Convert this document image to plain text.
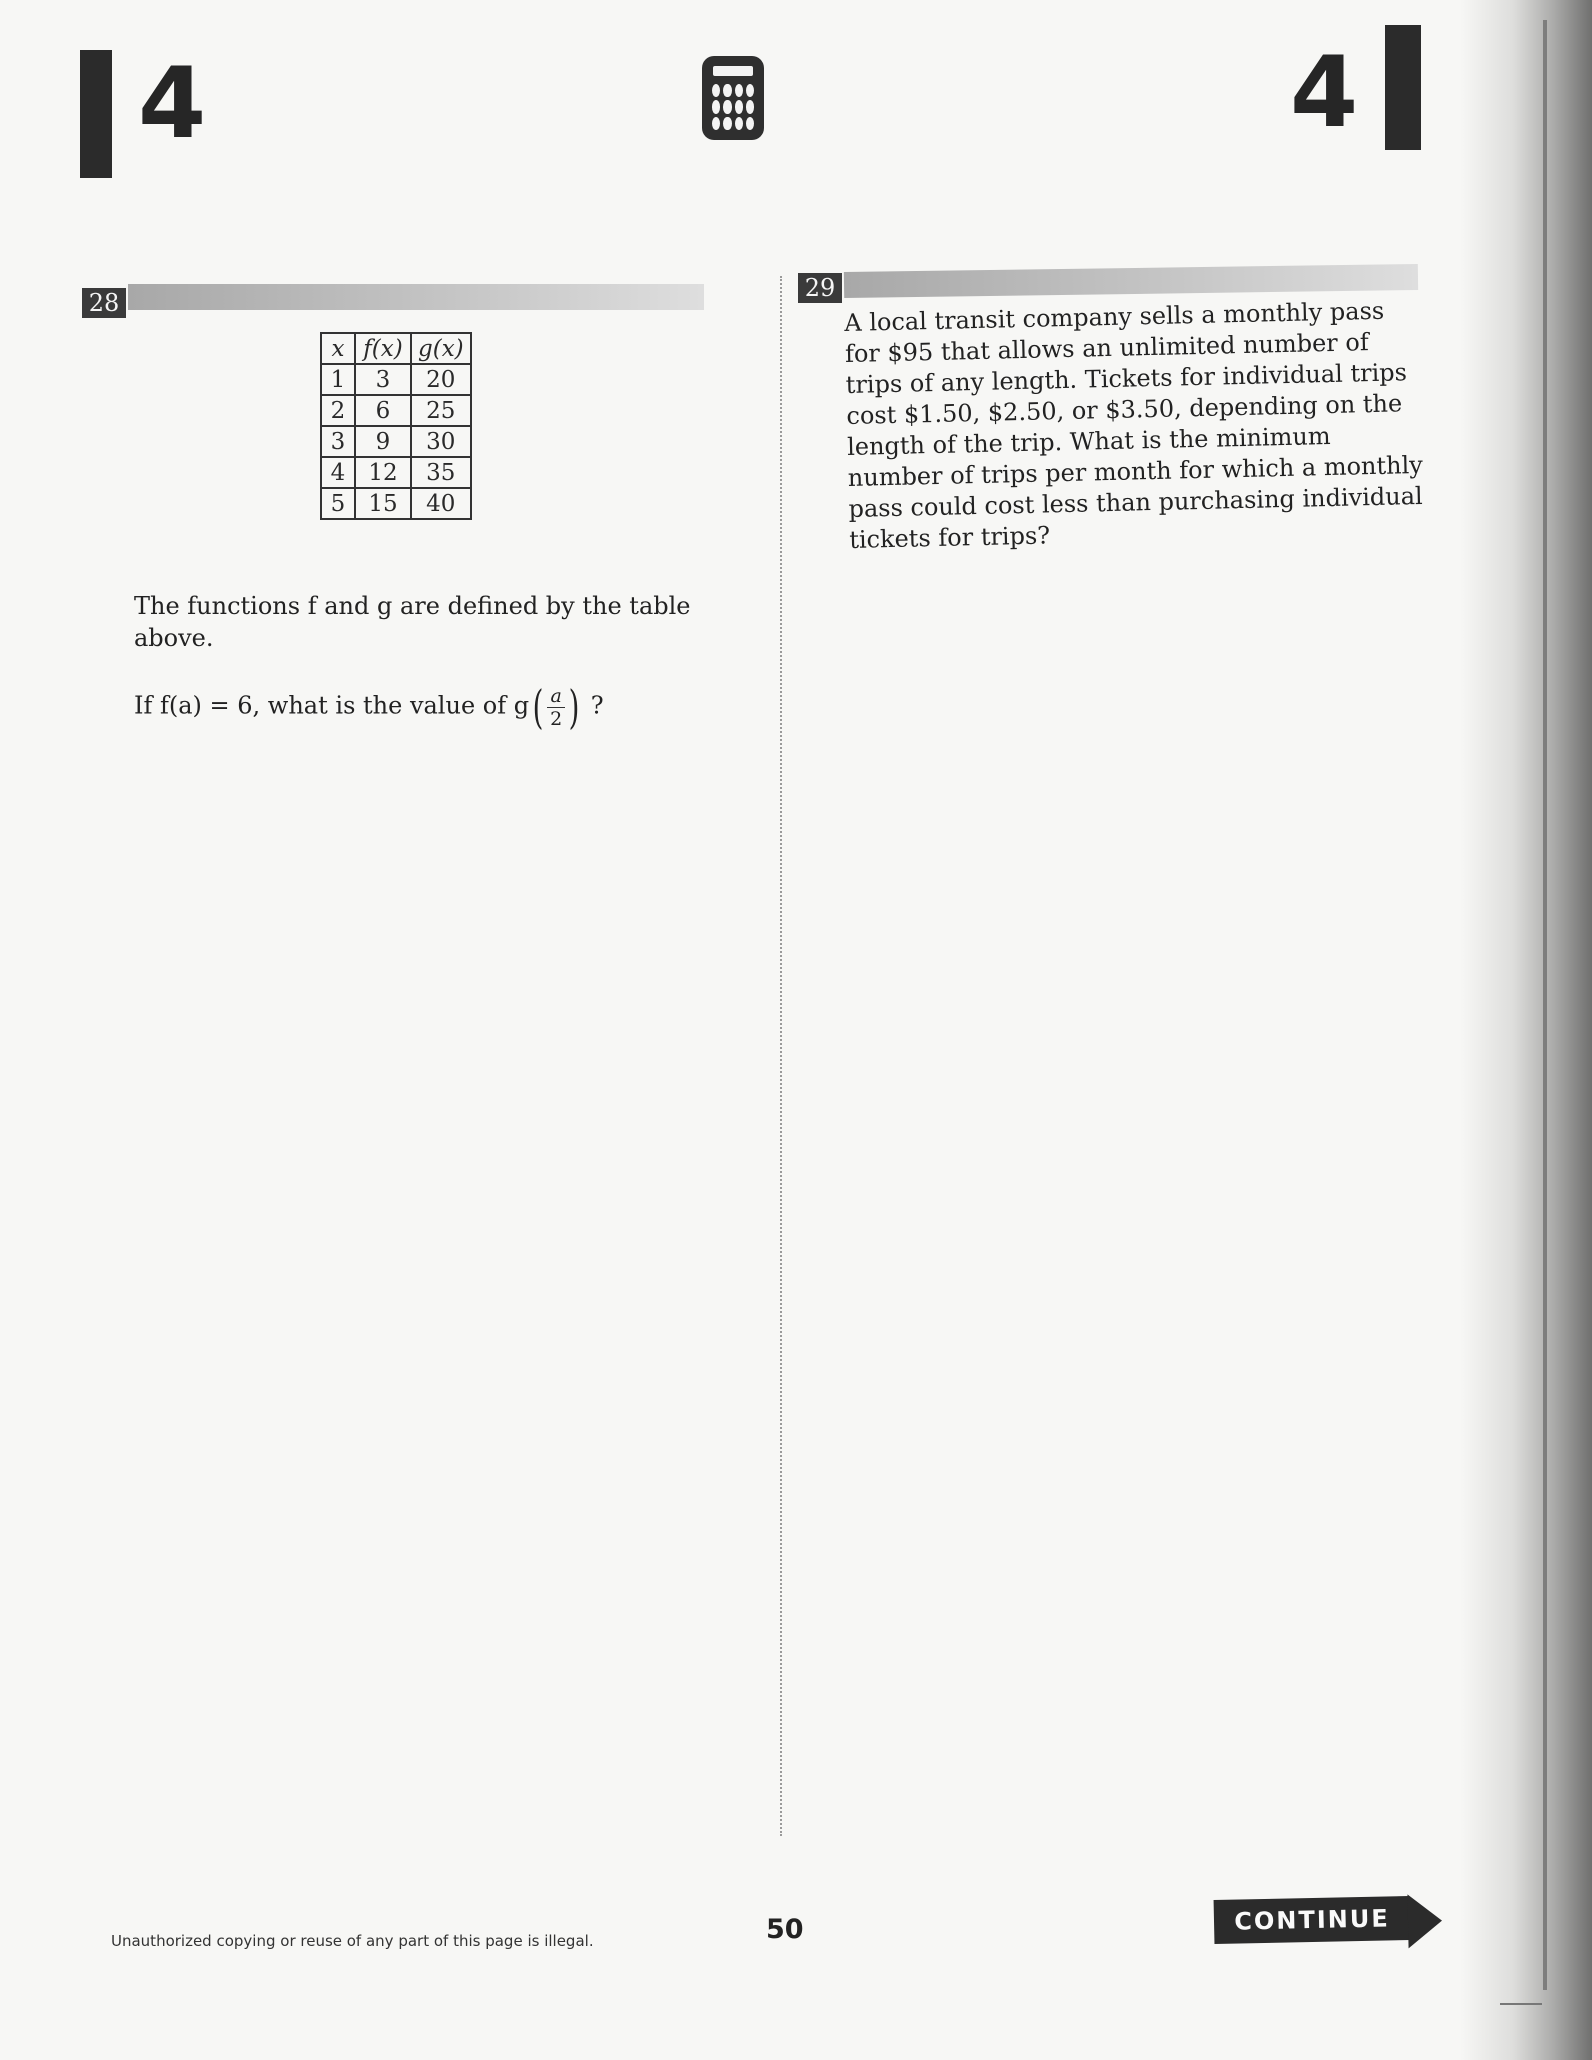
4	4
28
x	f(x)	g(x)
1	3	20
2	6	25
3	9	30
4	12	35
5	15	40

The functions f and g are defined by the table above.

If f(a) = 6, what is the value of $g( \frac{a}{2}$ ) ?

29

A local transit company sells a monthly pass for $95 that allows an unlimited number of trips of any length. Tickets for individual trips cost $1.50, $2.50, or $3.50, depending on the length of the trip. What is the minimum number of trips per month for which a monthly pass could cost less than purchasing individual tickets for trips?

Unauthorized copying or reuse of any part of this page is illegal.	50	CONTINUE
